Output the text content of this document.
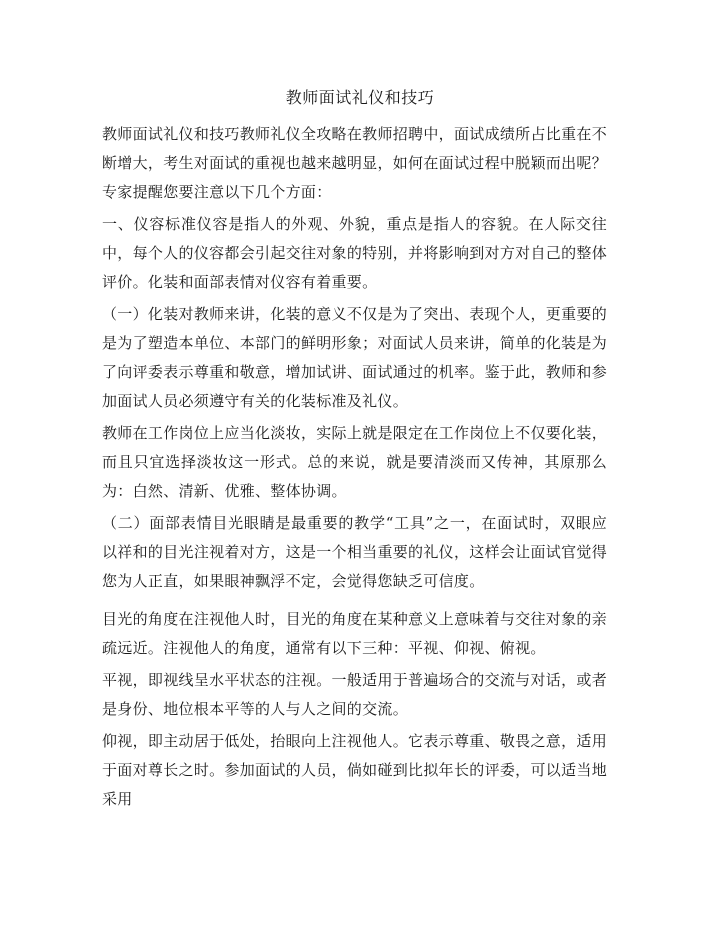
教师面试礼仪和技巧

教师面试礼仪和技巧教师礼仪全攻略在教师招聘中，面试成绩所占比重在不断增大，考生对面试的重视也越来越明显，如何在面试过程中脱颖而出呢？专家提醒您要注意以下几个方面：

一、仪容标准仪容是指人的外观、外貌，重点是指人的容貌。在人际交往中，每个人的仪容都会引起交往对象的特别，并将影响到对方对自己的整体评价。化装和面部表情对仪容有着重要。

（一）化装对教师来讲，化装的意义不仅是为了突出、表现个人，更重要的是为了塑造本单位、本部门的鲜明形象；对面试人员来讲，简单的化装是为了向评委表示尊重和敬意，增加试讲、面试通过的机率。鉴于此，教师和参加面试人员必须遵守有关的化装标准及礼仪。

教师在工作岗位上应当化淡妆，实际上就是限定在工作岗位上不仅要化装，而且只宜选择淡妆这一形式。总的来说，就是要清淡而又传神，其原那么为：白然、清新、优雅、整体协调。

（二）面部表情目光眼睛是最重要的教学“工具”之一，在面试时，双眼应以祥和的目光注视着对方，这是一个相当重要的礼仪，这样会让面试官觉得您为人正直，如果眼神飘浮不定，会觉得您缺乏可信度。

目光的角度在注视他人时，目光的角度在某种意义上意味着与交往对象的亲疏远近。注视他人的角度，通常有以下三种：平视、仰视、俯视。

平视，即视线呈水平状态的注视。一般适用于普遍场合的交流与对话，或者是身份、地位根本平等的人与人之间的交流。

仰视，即主动居于低处，抬眼向上注视他人。它表示尊重、敬畏之意，适用于面对尊长之时。参加面试的人员，倘如碰到比拟年长的评委，可以适当地采用
